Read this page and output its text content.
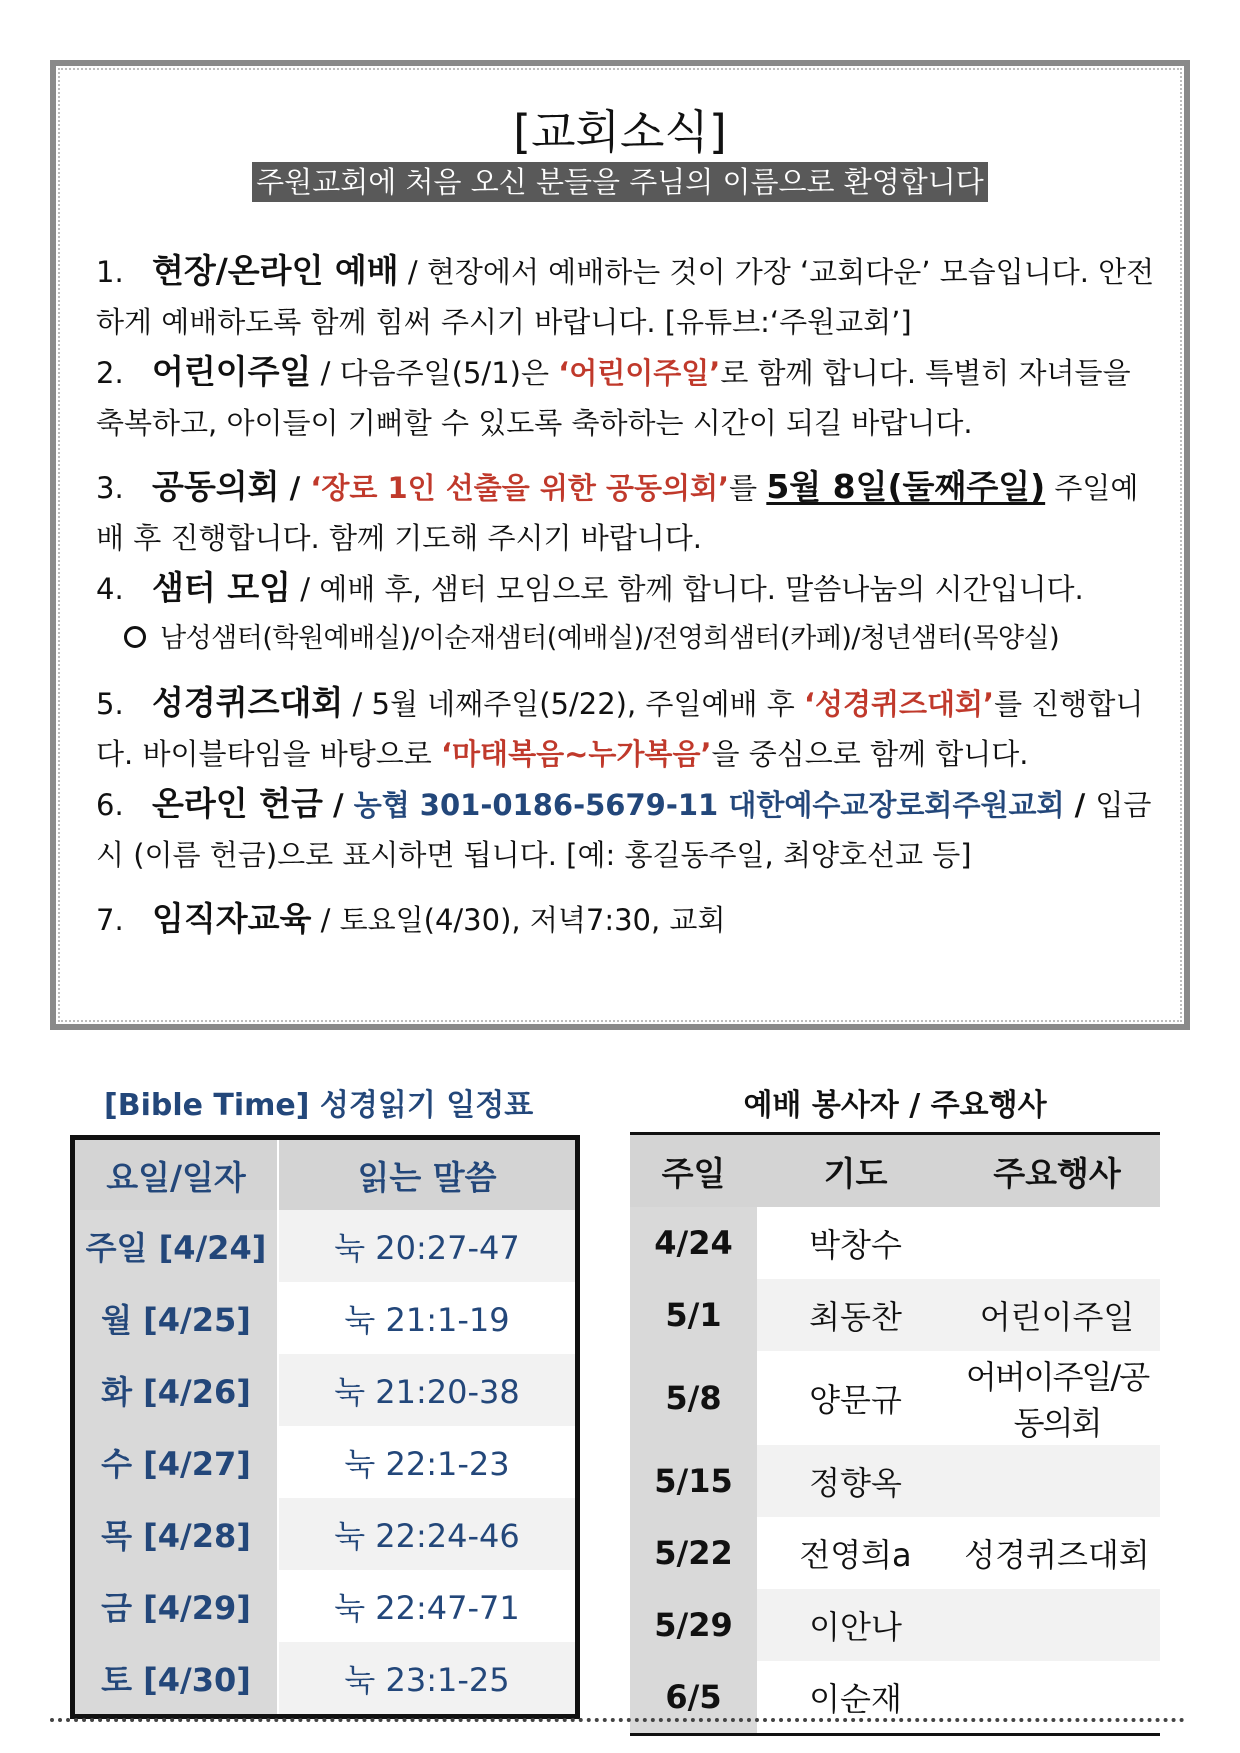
[교회소식]
주원교회에 처음 오신 분들을 주님의 이름으로 환영합니다
1. 현장/온라인 예배 / 현장에서 예배하는 것이 가장 ‘교회다운’ 모습입니다. 안전하게 예배하도록 함께 힘써 주시기 바랍니다. [유튜브:‘주원교회’]
2. 어린이주일 / 다음주일(5/1)은 ‘어린이주일’로 함께 합니다. 특별히 자녀들을 축복하고, 아이들이 기뻐할 수 있도록 축하하는 시간이 되길 바랍니다.
3. 공동의회 / ‘장로 1인 선출을 위한 공동의회’를 5월 8일(둘째주일) 주일예배 후 진행합니다. 함께 기도해 주시기 바랍니다.
4. 샘터 모임 / 예배 후, 샘터 모임으로 함께 합니다. 말씀나눔의 시간입니다.
남성샘터(학원예배실)/이순재샘터(예배실)/전영희샘터(카페)/청년샘터(목양실)
5. 성경퀴즈대회 / 5월 네째주일(5/22), 주일예배 후 ‘성경퀴즈대회’를 진행합니다. 바이블타임을 바탕으로 ‘마태복음~누가복음’을 중심으로 함께 합니다.
6. 온라인 헌금 / 농협 301-0186-5679-11 대한예수교장로회주원교회 / 입금 시 (이름 헌금)으로 표시하면 됩니다. [예: 홍길동주일, 최양호선교 등]
7. 임직자교육 / 토요일(4/30), 저녁7:30, 교회
[Bible Time] 성경읽기 일정표	예배 봉사자 / 주요행사
요일/일자	읽는 말씀
주일 [4/24]	눅 20:27-47
월 [4/25]	눅 21:1-19
화 [4/26]	눅 21:20-38
수 [4/27]	눅 22:1-23
목 [4/28]	눅 22:24-46
금 [4/29]	눅 22:47-71
토 [4/30]	눅 23:1-25
주일	기도	주요행사
4/24	박창수	
5/1	최동찬	어린이주일
5/8	양문규	어버이주일/공동의회
5/15	정향옥	
5/22	전영희a	성경퀴즈대회
5/29	이안나	
6/5	이순재	
